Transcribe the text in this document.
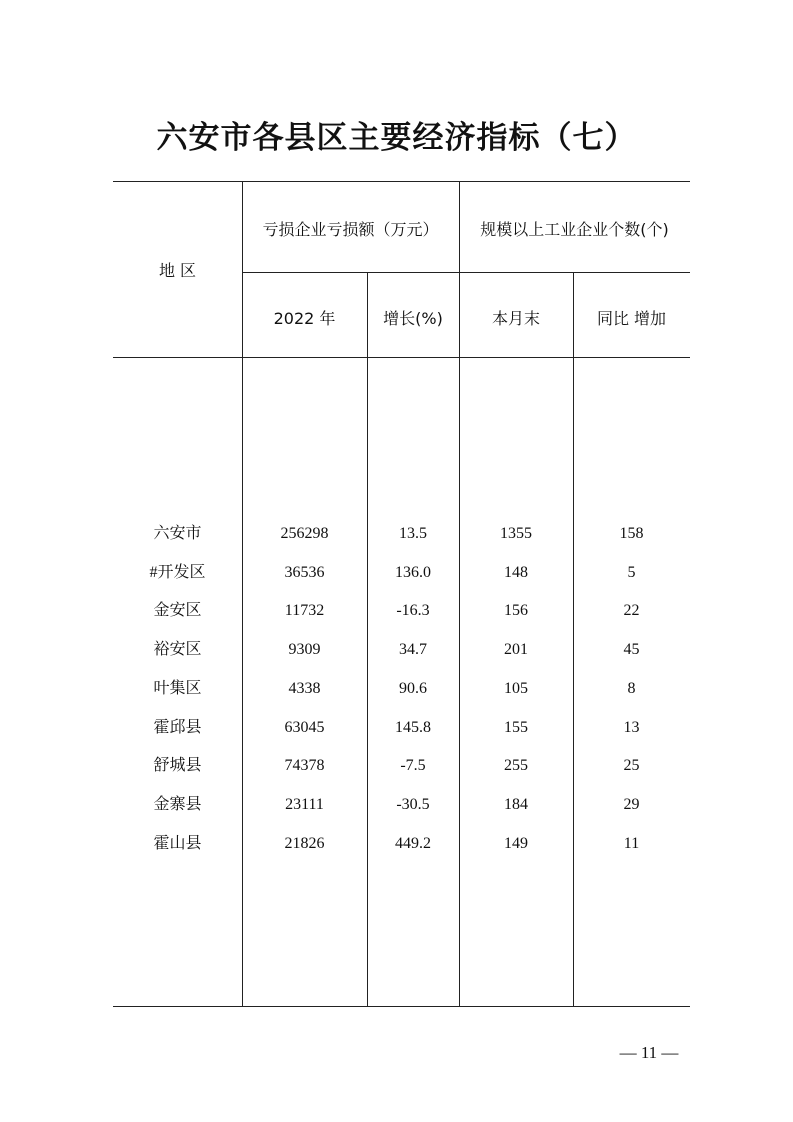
六安市各县区主要经济指标（七）
地 区
亏损企业亏损额（万元）	规模以上工业企业个数(个)
2022 年	增长(%)	本月末	同比 增加
六安市	256298	13.5	1355	158
#开发区	36536	136.0	148	5
金安区	11732	-16.3	156	22
裕安区	9309	34.7	201	45
叶集区	4338	90.6	105	8
霍邱县	63045	145.8	155	13
舒城县	74378	-7.5	255	25
金寨县	23111	-30.5	184	29
霍山县	21826	449.2	149	11
— 11 —
